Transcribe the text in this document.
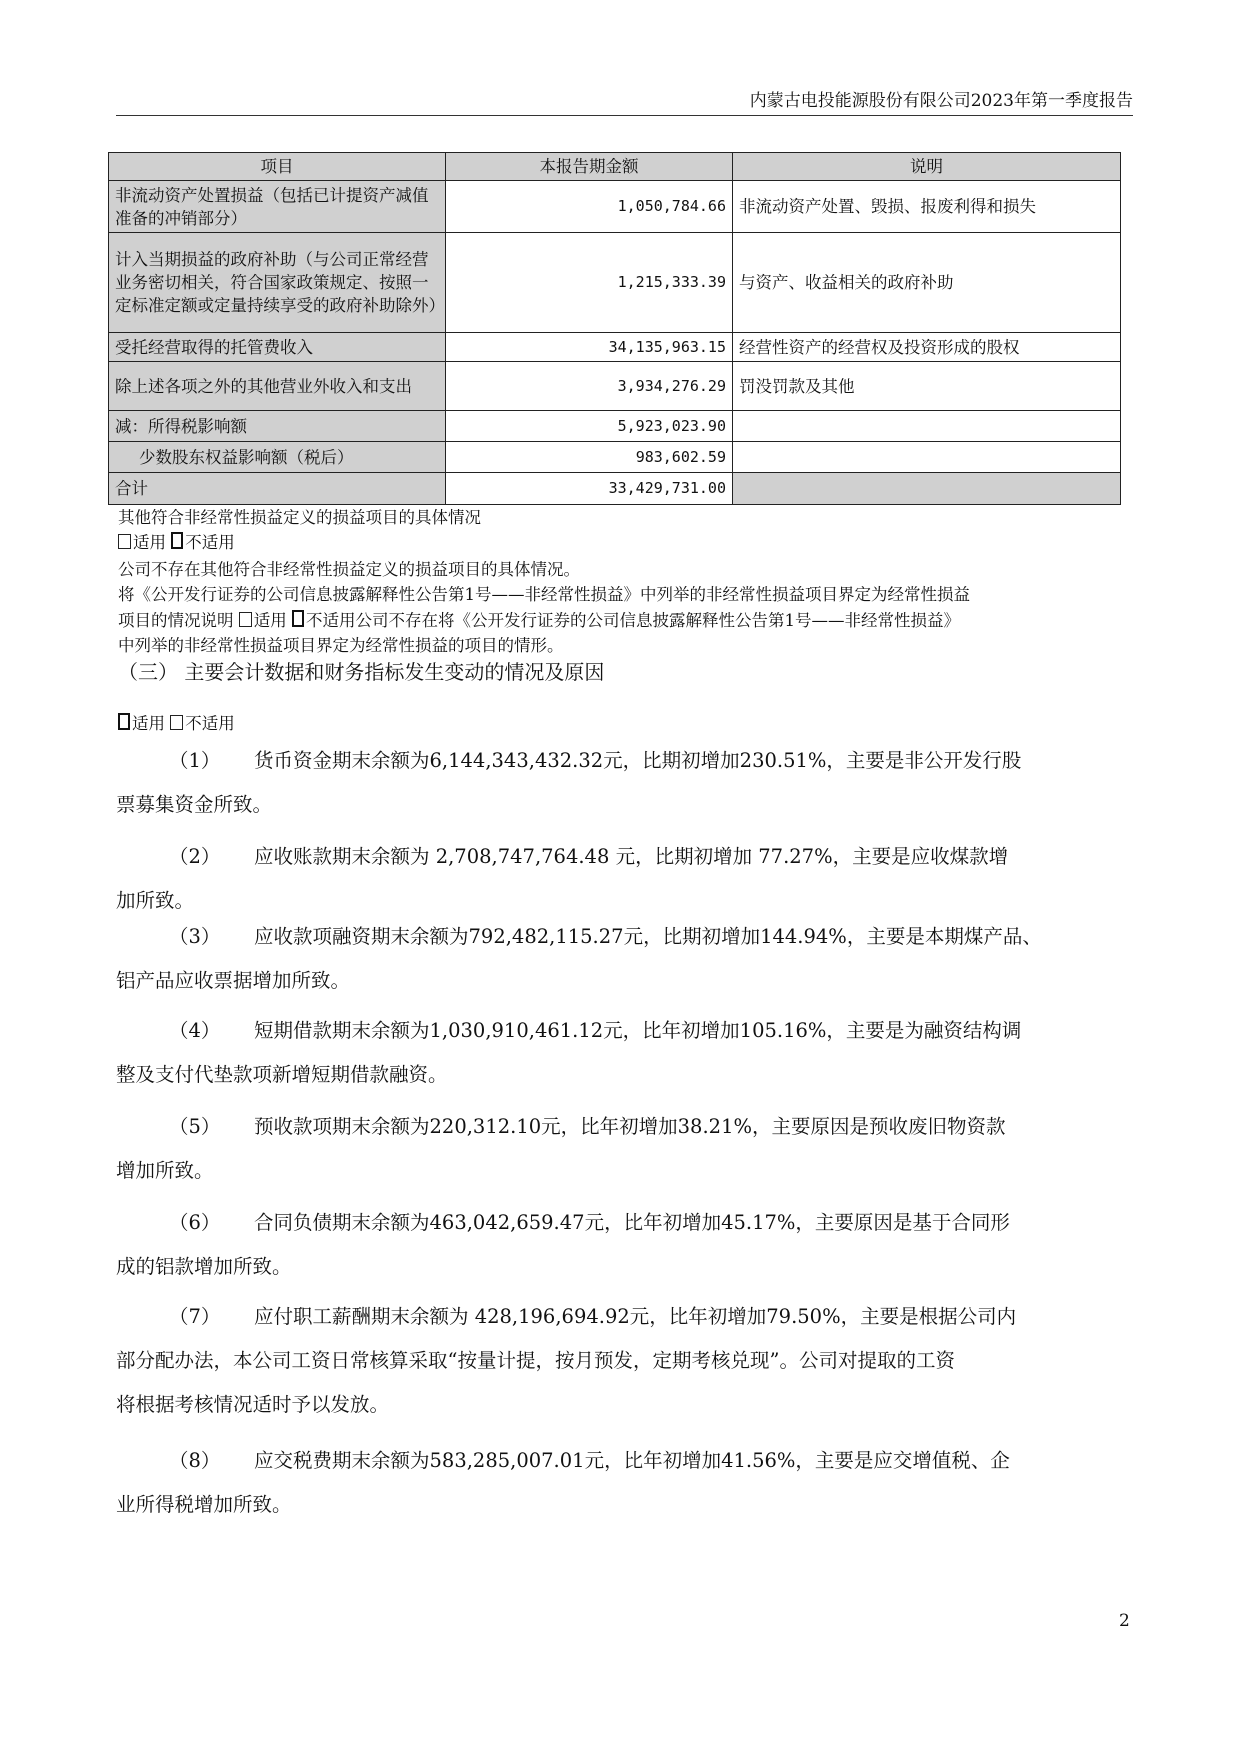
内蒙古电投能源股份有限公司2023年第一季度报告
项目	本报告期金额	说明
非流动资产处置损益（包括已计提资产减值准备的冲销部分）	1,050,784.66	非流动资产处置、毁损、报废利得和损失
计入当期损益的政府补助（与公司正常经营业务密切相关，符合国家政策规定、按照一定标准定额或定量持续享受的政府补助除外）	1,215,333.39	与资产、收益相关的政府补助
受托经营取得的托管费收入	34,135,963.15	经营性资产的经营权及投资形成的股权
除上述各项之外的其他营业外收入和支出	3,934,276.29	罚没罚款及其他
减：所得税影响额	5,923,023.90	
少数股东权益影响额（税后）	983,602.59	
合计	33,429,731.00	
其他符合非经常性损益定义的损益项目的具体情况
适用 不适用
公司不存在其他符合非经常性损益定义的损益项目的具体情况。
将《公开发行证券的公司信息披露解释性公告第1号——非经常性损益》中列举的非经常性损益项目界定为经常性损益
项目的情况说明 适用 不适用公司不存在将《公开发行证券的公司信息披露解释性公告第1号——非经常性损益》
中列举的非经常性损益项目界定为经常性损益的项目的情形。
（三） 主要会计数据和财务指标发生变动的情况及原因
适用 不适用
（1） 货币资金期末余额为6,144,343,432.32元，比期初增加230.51%，主要是非公开发行股
票募集资金所致。
（2） 应收账款期末余额为 2,708,747,764.48 元，比期初增加 77.27%，主要是应收煤款增
加所致。
（3） 应收款项融资期末余额为792,482,115.27元，比期初增加144.94%，主要是本期煤产品、
铝产品应收票据增加所致。
（4） 短期借款期末余额为1,030,910,461.12元，比年初增加105.16%，主要是为融资结构调
整及支付代垫款项新增短期借款融资。
（5） 预收款项期末余额为220,312.10元，比年初增加38.21%，主要原因是预收废旧物资款
增加所致。
（6） 合同负债期末余额为463,042,659.47元，比年初增加45.17%，主要原因是基于合同形
成的铝款增加所致。
（7） 应付职工薪酬期末余额为 428,196,694.92元，比年初增加79.50%，主要是根据公司内
部分配办法，本公司工资日常核算采取“按量计提，按月预发，定期考核兑现”。公司对提取的工资
将根据考核情况适时予以发放。
（8） 应交税费期末余额为583,285,007.01元，比年初增加41.56%，主要是应交增值税、企
业所得税增加所致。
2
